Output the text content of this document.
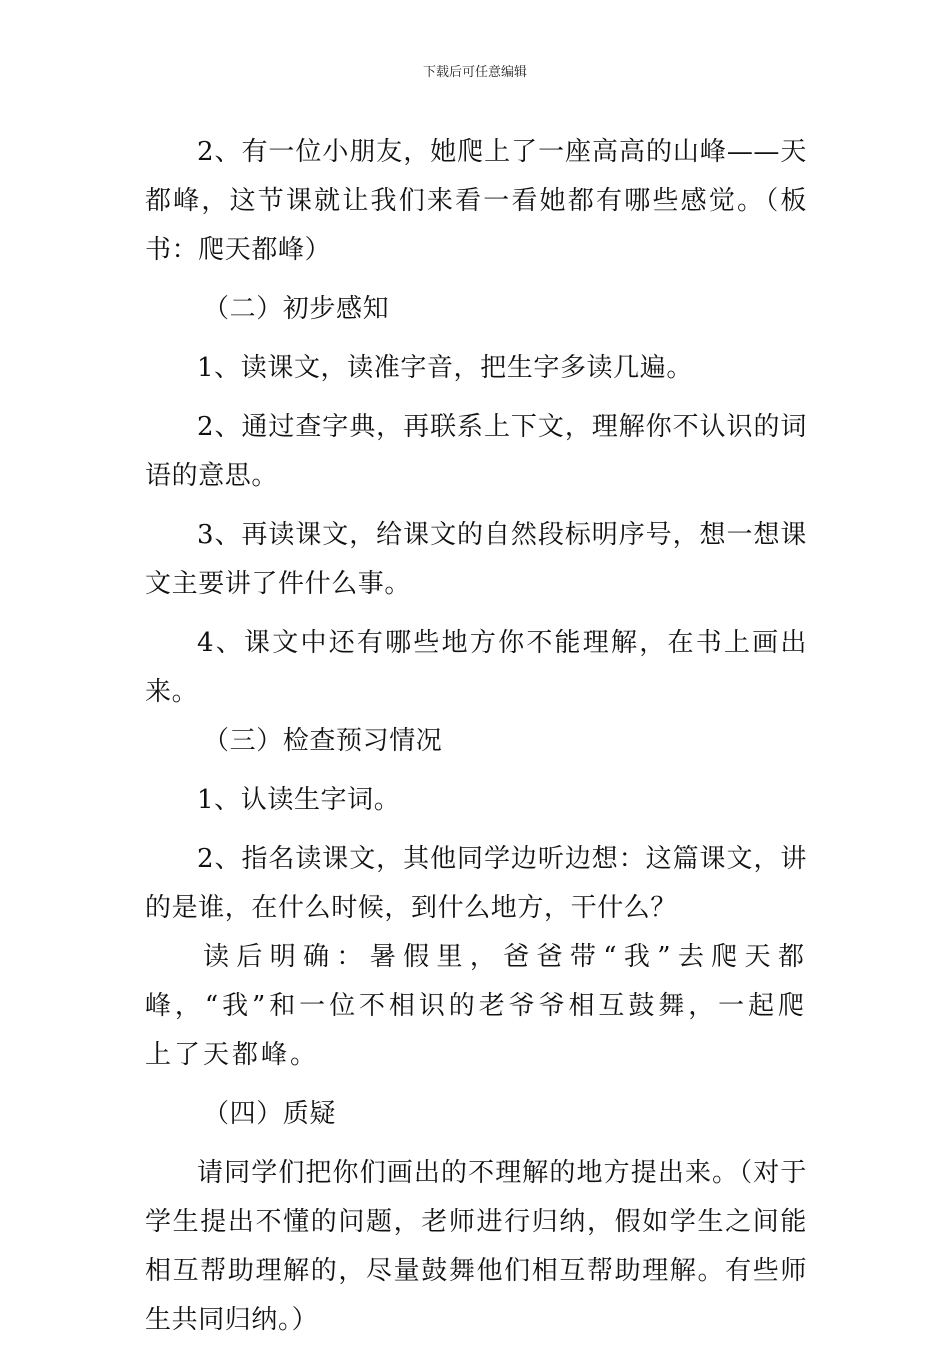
下载后可任意编辑

2、有一位小朋友，她爬上了一座高高的山峰——天都峰，这节课就让我们来看一看她都有哪些感觉。（板书：爬天都峰）

（二）初步感知

1、读课文，读准字音，把生字多读几遍。

2、通过查字典，再联系上下文，理解你不认识的词语的意思。

3、再读课文，给课文的自然段标明序号，想一想课文主要讲了件什么事。

4、课文中还有哪些地方你不能理解，在书上画出来。

（三）检查预习情况

1、认读生字词。

2、指名读课文，其他同学边听边想：这篇课文，讲的是谁，在什么时候，到什么地方，干什么？

读后明确：暑假里，爸爸带“我”去爬天都峰，“我”和一位不相识的老爷爷相互鼓舞，一起爬上了天都峰。

（四）质疑

请同学们把你们画出的不理解的地方提出来。（对于学生提出不懂的问题，老师进行归纳，假如学生之间能相互帮助理解的，尽量鼓舞他们相互帮助理解。有些师生共同归纳。）
